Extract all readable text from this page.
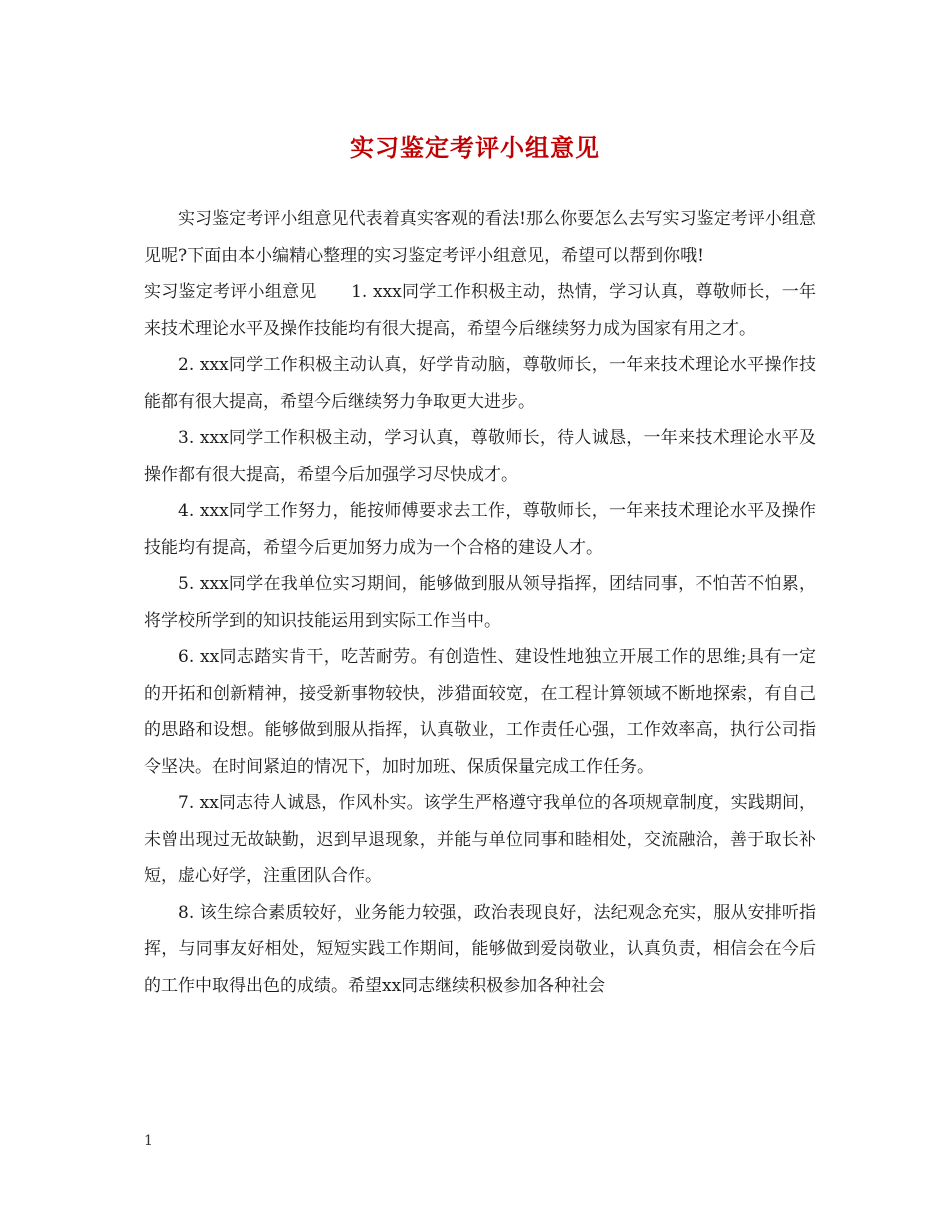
实习鉴定考评小组意见

实习鉴定考评小组意见代表着真实客观的看法!那么你要怎么去写实习鉴定考评小组意见呢?下面由本小编精心整理的实习鉴定考评小组意见，希望可以帮到你哦!

实习鉴定考评小组意见　　1. xxx同学工作积极主动，热情，学习认真，尊敬师长，一年来技术理论水平及操作技能均有很大提高，希望今后继续努力成为国家有用之才。

2. xxx同学工作积极主动认真，好学肯动脑，尊敬师长，一年来技术理论水平操作技能都有很大提高，希望今后继续努力争取更大进步。

3. xxx同学工作积极主动，学习认真，尊敬师长，待人诚恳，一年来技术理论水平及操作都有很大提高，希望今后加强学习尽快成才。

4. xxx同学工作努力，能按师傅要求去工作，尊敬师长，一年来技术理论水平及操作技能均有提高，希望今后更加努力成为一个合格的建设人才。

5. xxx同学在我单位实习期间，能够做到服从领导指挥，团结同事，不怕苦不怕累，将学校所学到的知识技能运用到实际工作当中。

6. xx同志踏实肯干，吃苦耐劳。有创造性、建设性地独立开展工作的思维;具有一定的开拓和创新精神，接受新事物较快，涉猎面较宽，在工程计算领域不断地探索，有自己的思路和设想。能够做到服从指挥，认真敬业，工作责任心强，工作效率高，执行公司指令坚决。在时间紧迫的情况下，加时加班、保质保量完成工作任务。

7. xx同志待人诚恳，作风朴实。该学生严格遵守我单位的各项规章制度，实践期间，未曾出现过无故缺勤，迟到早退现象，并能与单位同事和睦相处，交流融洽，善于取长补短，虚心好学，注重团队合作。

8. 该生综合素质较好，业务能力较强，政治表现良好，法纪观念充实，服从安排听指挥，与同事友好相处，短短实践工作期间，能够做到爱岗敬业，认真负责，相信会在今后的工作中取得出色的成绩。希望xx同志继续积极参加各种社会

1
